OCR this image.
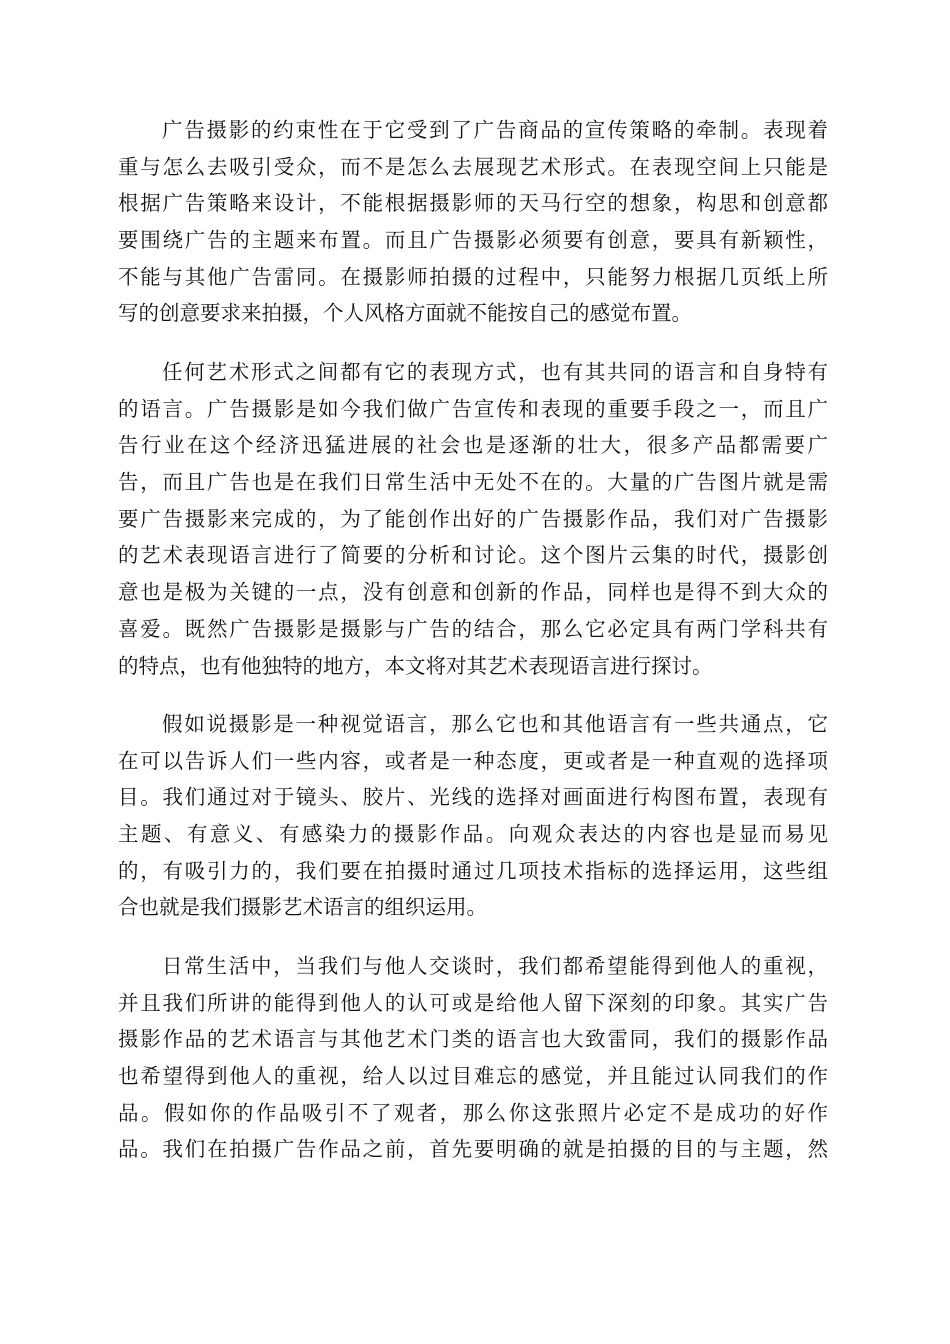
广告摄影的约束性在于它受到了广告商品的宣传策略的牵制。表现着
重与怎么去吸引受众，而不是怎么去展现艺术形式。在表现空间上只能是
根据广告策略来设计，不能根据摄影师的天马行空的想象，构思和创意都
要围绕广告的主题来布置。而且广告摄影必须要有创意，要具有新颖性，
不能与其他广告雷同。在摄影师拍摄的过程中，只能努力根据几页纸上所
写的创意要求来拍摄，个人风格方面就不能按自己的感觉布置。
任何艺术形式之间都有它的表现方式，也有其共同的语言和自身特有
的语言。广告摄影是如今我们做广告宣传和表现的重要手段之一，而且广
告行业在这个经济迅猛进展的社会也是逐渐的壮大，很多产品都需要广
告，而且广告也是在我们日常生活中无处不在的。大量的广告图片就是需
要广告摄影来完成的，为了能创作出好的广告摄影作品，我们对广告摄影
的艺术表现语言进行了简要的分析和讨论。这个图片云集的时代，摄影创
意也是极为关键的一点，没有创意和创新的作品，同样也是得不到大众的
喜爱。既然广告摄影是摄影与广告的结合，那么它必定具有两门学科共有
的特点，也有他独特的地方，本文将对其艺术表现语言进行探讨。
假如说摄影是一种视觉语言，那么它也和其他语言有一些共通点，它
在可以告诉人们一些内容，或者是一种态度，更或者是一种直观的选择项
目。我们通过对于镜头、胶片、光线的选择对画面进行构图布置，表现有
主题、有意义、有感染力的摄影作品。向观众表达的内容也是显而易见
的，有吸引力的，我们要在拍摄时通过几项技术指标的选择运用，这些组
合也就是我们摄影艺术语言的组织运用。
日常生活中，当我们与他人交谈时，我们都希望能得到他人的重视，
并且我们所讲的能得到他人的认可或是给他人留下深刻的印象。其实广告
摄影作品的艺术语言与其他艺术门类的语言也大致雷同，我们的摄影作品
也希望得到他人的重视，给人以过目难忘的感觉，并且能过认同我们的作
品。假如你的作品吸引不了观者，那么你这张照片必定不是成功的好作
品。我们在拍摄广告作品之前，首先要明确的就是拍摄的目的与主题，然
